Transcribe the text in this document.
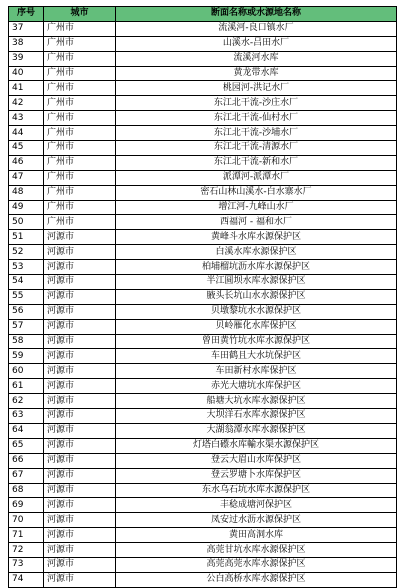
序号	城市	断面名称或水源地名称
37	广州市	流溪河-良口镇水厂
38	广州市	山溪水-吕田水厂
39	广州市	流溪河水库
40	广州市	黄龙带水库
41	广州市	桃园河-洪记水厂
42	广州市	东江北干流-沙庄水厂
43	广州市	东江北干流-仙村水厂
44	广州市	东江北干流-沙埔水厂
45	广州市	东江北干流-清源水厂
46	广州市	东江北干流-新和水厂
47	广州市	派潭河-派潭水厂
48	广州市	密石山林山溪水-白水寨水厂
49	广州市	增江河-九峰山水厂
50	广州市	西福河 - 福和水厂
51	河源市	黄峰斗水库水源保护区
52	河源市	白溪水库水源保护区
53	河源市	柏埔榴坑沥水库水源保护区
54	河源市	半江圆坝水库水源保护区
55	河源市	腋头长坑山水水源保护区
56	河源市	贝墩黎坑水水源保护区
57	河源市	贝岭雁化水库保护区
58	河源市	曾田黄竹坑水库水源保护区
59	河源市	车田鹤且大水坑保护区
60	河源市	车田新村水库保护区
61	河源市	赤光大塘坑水库保护区
62	河源市	船塘大坑水库水源保护区
63	河源市	大坝洋石水库水源保护区
64	河源市	大湖翁潭水库水源保护区
65	河源市	灯塔白礤水库輸水渠水源保护区
66	河源市	登云大眉山水库保护区
67	河源市	登云罗塘卜水库保护区
68	河源市	东水乌石坑水库水源保护区
69	河源市	丰稔成塘河保护区
70	河源市	凤安过水沥水源保护区
71	河源市	黄田高洞水库
72	河源市	高莞甘坑水库水源保护区
73	河源市	高莞高莞水库水源保护区
74	河源市	公白高桥水库水源保护区
